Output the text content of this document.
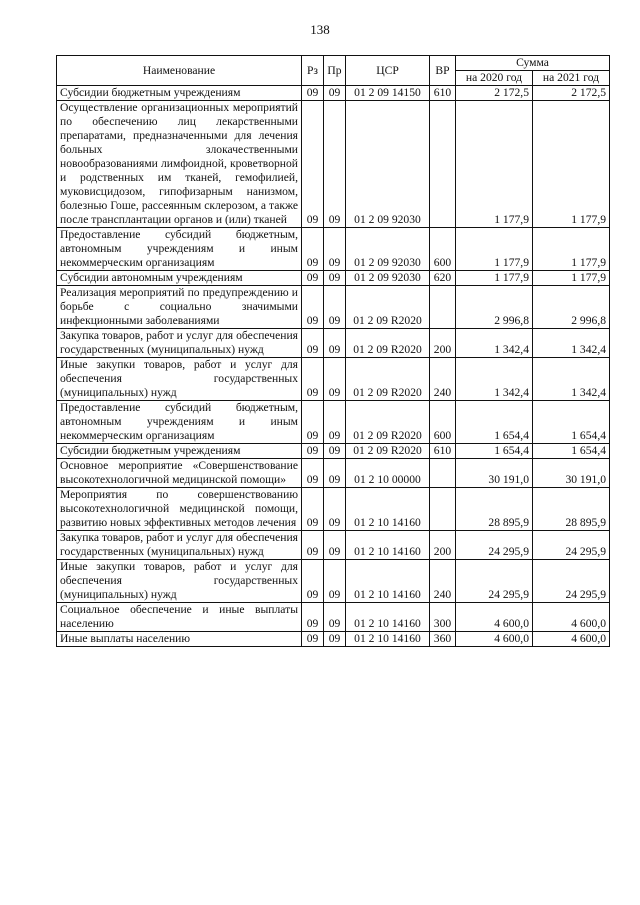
138
Наименование	Рз	Пр	ЦСР	ВР	Сумма	
					на 2020 год	на 2021 год
Субсидии бюджетным учреждениям	09	09	01 2 09 14150	610	2 172,5	2 172,5
Осуществление организационных мероприятий по обеспечению лиц лекарственными препаратами, предназначенными для лечения больных злокачественными новообразованиями лимфоидной, кроветворной и родственных им тканей, гемофилией, муковисцидозом, гипофизарным нанизмом, болезнью Гоше, рассеянным склерозом, а также после трансплантации органов и (или) тканей	09	09	01 2 09 92030		1 177,9	1 177,9
Предоставление субсидий бюджетным, автономным учреждениям и иным некоммерческим организациям	09	09	01 2 09 92030	600	1 177,9	1 177,9
Субсидии автономным учреждениям	09	09	01 2 09 92030	620	1 177,9	1 177,9
Реализация мероприятий по предупреждению и борьбе с социально значимыми инфекционными заболеваниями	09	09	01 2 09 R2020		2 996,8	2 996,8
Закупка товаров, работ и услуг для обеспечения государственных (муниципальных) нужд	09	09	01 2 09 R2020	200	1 342,4	1 342,4
Иные закупки товаров, работ и услуг для обеспечения государственных (муниципальных) нужд	09	09	01 2 09 R2020	240	1 342,4	1 342,4
Предоставление субсидий бюджетным, автономным учреждениям и иным некоммерческим организациям	09	09	01 2 09 R2020	600	1 654,4	1 654,4
Субсидии бюджетным учреждениям	09	09	01 2 09 R2020	610	1 654,4	1 654,4
Основное мероприятие «Совершенствование высокотехнологичной медицинской помощи»	09	09	01 2 10 00000		30 191,0	30 191,0
Мероприятия по совершенствованию высокотехнологичной медицинской помощи, развитию новых эффективных методов лечения	09	09	01 2 10 14160		28 895,9	28 895,9
Закупка товаров, работ и услуг для обеспечения государственных (муниципальных) нужд	09	09	01 2 10 14160	200	24 295,9	24 295,9
Иные закупки товаров, работ и услуг для обеспечения государственных (муниципальных) нужд	09	09	01 2 10 14160	240	24 295,9	24 295,9
Социальное обеспечение и иные выплаты населению	09	09	01 2 10 14160	300	4 600,0	4 600,0
Иные выплаты населению	09	09	01 2 10 14160	360	4 600,0	4 600,0
